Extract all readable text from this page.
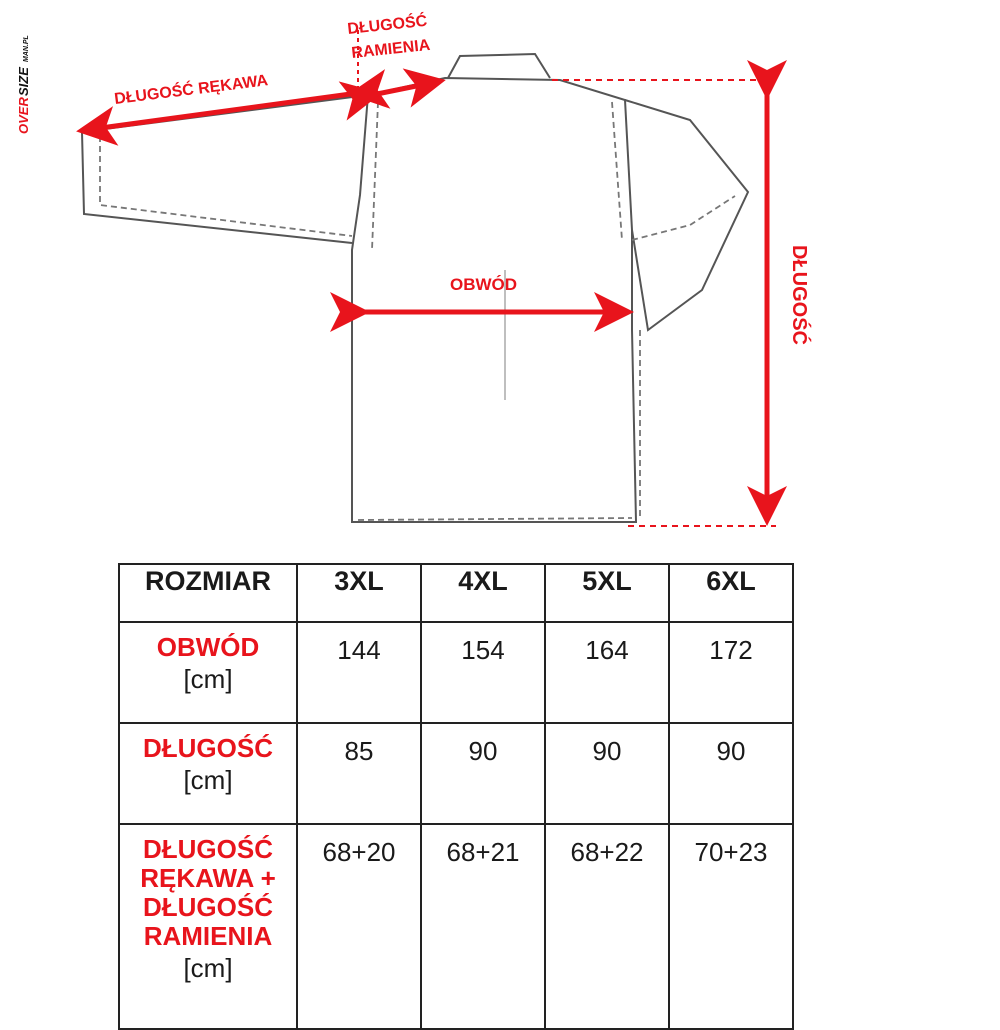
OVER
SIZE
MAN.PL
DŁUGOŚĆ RĘKAWA
DŁUGOŚĆ
RAMIENIA
OBWÓD	DŁUGOŚĆ
ROZMIAR	3XL	4XL	5XL	6XL

OBWÓD
[cm]	144	154	164	172

DŁUGOŚĆ
[cm]	85	90	90	90

DŁUGOŚĆ
RĘKAWA +
DŁUGOŚĆ
RAMIENIA
[cm]	68+20	68+21	68+22	70+23
